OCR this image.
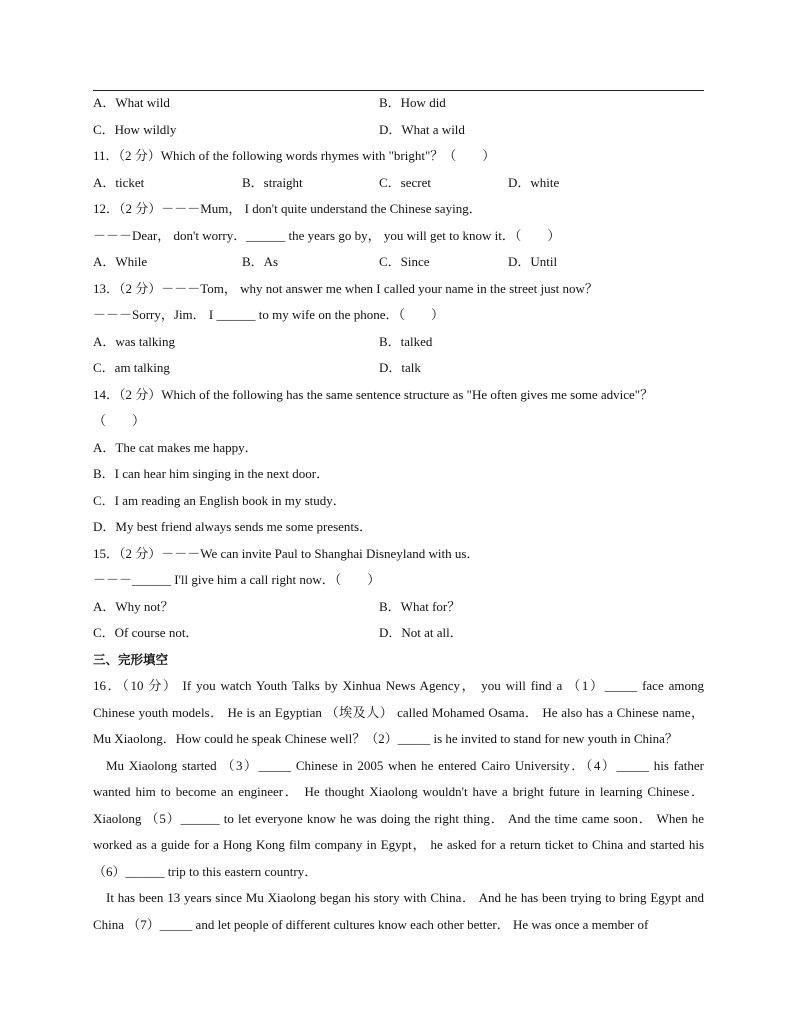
A．What wild	B．How did
C．How wildly	D．What a wild
11．（2 分）Which of the following words rhymes with "bright"？（　　）
A．ticket	B．straight	C．secret	D．white
12．（2 分）－－－Mum， I don't quite understand the Chinese saying．
－－－Dear， don't worry．______ the years go by， you will get to know it．（　　）
A．While	B．As	C．Since	D．Until
13．（2 分）－－－Tom， why not answer me when I called your name in the street just now？
－－－Sorry，Jim． I ______ to my wife on the phone．（　　）
A．was talking	B．talked
C．am talking	D．talk
14．（2 分）Which of the following has the same sentence structure as "He often gives me some advice"？
（　　）
A．The cat makes me happy．
B．I can hear him singing in the next door．
C．I am reading an English book in my study．
D．My best friend always sends me some presents．
15．（2 分）－－－We can invite Paul to Shanghai Disneyland with us．
－－－______ I'll give him a call right now．（　　）
A．Why not？	B．What for？
C．Of course not．	D．Not at all．
三、完形填空
16．（10 分） If you watch Youth Talks by Xinhua News Agency， you will find a （1）_____ face among Chinese youth models． He is an Egyptian （埃及人） called Mohamed Osama． He also has a Chinese name，Mu Xiaolong．How could he speak Chinese well？（2）_____ is he invited to stand for new youth in China？
Mu Xiaolong started （3）_____ Chinese in 2005 when he entered Cairo University．（4）_____ his father wanted him to become an engineer． He thought Xiaolong wouldn't have a bright future in learning Chinese． Xiaolong （5）______ to let everyone know he was doing the right thing． And the time came soon． When he worked as a guide for a Hong Kong film company in Egypt， he asked for a return ticket to China and started his （6）______ trip to this eastern country．
It has been 13 years since Mu Xiaolong began his story with China． And he has been trying to bring Egypt and China （7）_____ and let people of different cultures know each other better． He was once a member of
